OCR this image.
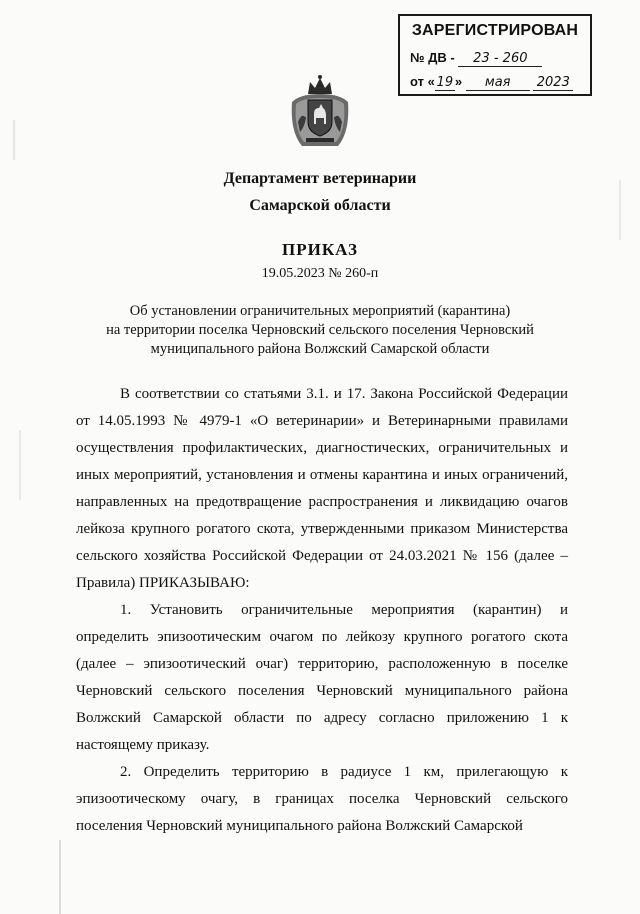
ЗАРЕГИСТРИРОВАН
№ ДВ - 23 - 260
от « 19 » мая 2023
Департамент ветеринарии
Самарской области
ПРИКАЗ
19.05.2023 № 260-п
Об установлении ограничительных мероприятий (карантина)
на территории поселка Черновский сельского поселения Черновский
муниципального района Волжский Самарской области

В соответствии со статьями 3.1. и 17. Закона Российской Федерации от 14.05.1993 № 4979-1 «О ветеринарии» и Ветеринарными правилами осуществления профилактических, диагностических, ограничительных и иных мероприятий, установления и отмены карантина и иных ограничений, направленных на предотвращение распространения и ликвидацию очагов лейкоза крупного рогатого скота, утвержденными приказом Министерства сельского хозяйства Российской Федерации от 24.03.2021 № 156 (далее – Правила) ПРИКАЗЫВАЮ:

1. Установить ограничительные мероприятия (карантин) и определить эпизоотическим очагом по лейкозу крупного рогатого скота (далее – эпизоотический очаг) территорию, расположенную в поселке Черновский сельского поселения Черновский муниципального района Волжский Самарской области по адресу согласно приложению 1 к настоящему приказу.

2. Определить территорию в радиусе 1 км, прилегающую к эпизоотическому очагу, в границах поселка Черновский сельского поселения Черновский муниципального района Волжский Самарской
